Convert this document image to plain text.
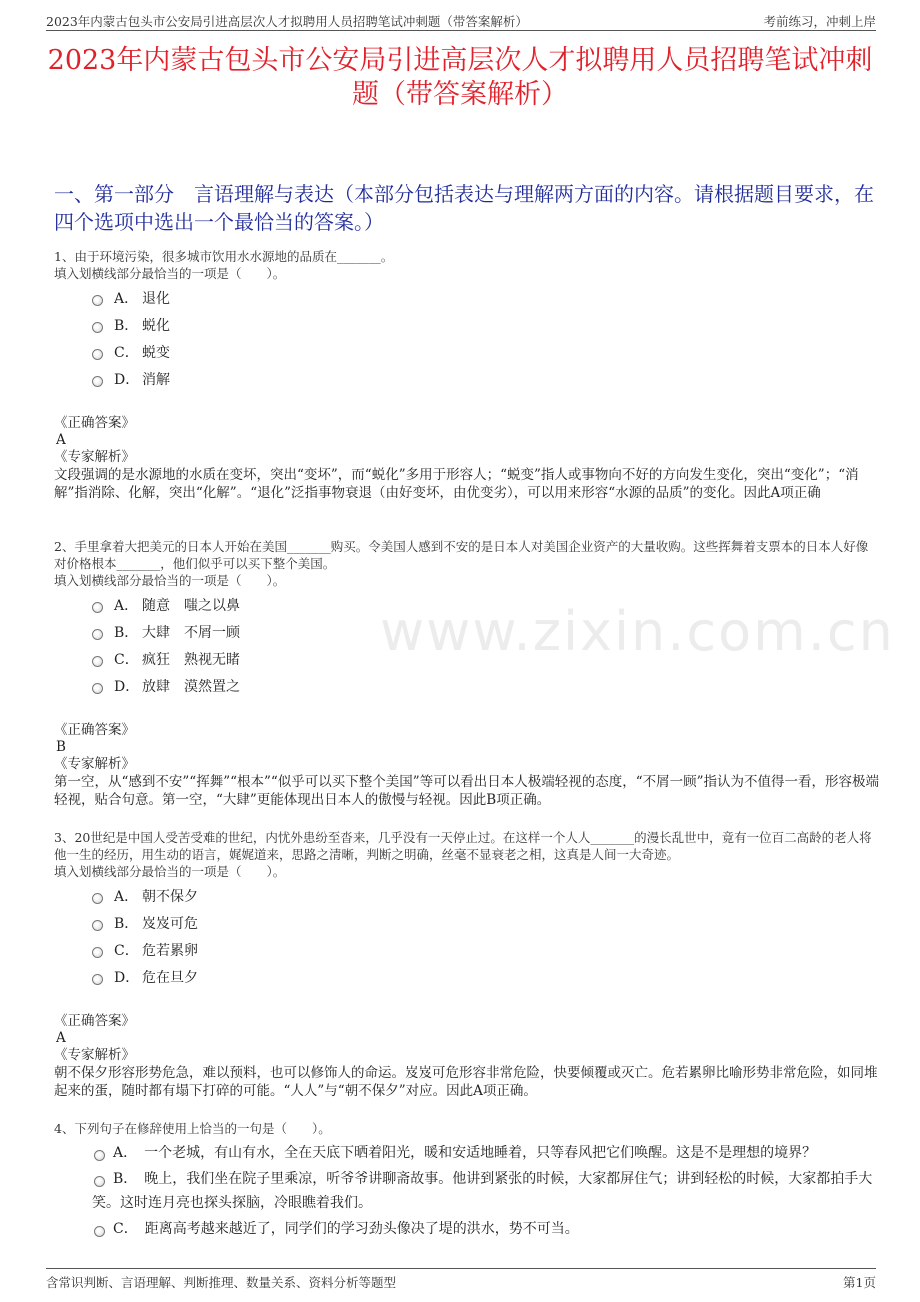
2023年内蒙古包头市公安局引进高层次人才拟聘用人员招聘笔试冲刺题（带答案解析）	考前练习，冲刺上岸
2023年内蒙古包头市公安局引进高层次人才拟聘用人员招聘笔试冲刺题（带答案解析）
一、第一部分　言语理解与表达（本部分包括表达与理解两方面的内容。请根据题目要求，在四个选项中选出一个最恰当的答案。）
www.zixin.com.cn
1、由于环境污染，很多城市饮用水水源地的品质在_______。
填入划横线部分最恰当的一项是（　　）。
A． 退化
B． 蜕化
C． 蜕变
D． 消解
《正确答案》
A
《专家解析》
文段强调的是水源地的水质在变坏，突出“变坏”，而“蜕化”多用于形容人；“蜕变”指人或事物向不好的方向发生变化，突出“变化”；“消解”指消除、化解，突出“化解”。“退化”泛指事物衰退（由好变坏，由优变劣），可以用来形容“水源的品质”的变化。因此A项正确
2、手里拿着大把美元的日本人开始在美国_______购买。令美国人感到不安的是日本人对美国企业资产的大量收购。这些挥舞着支票本的日本人好像对价格根本_______，他们似乎可以买下整个美国。
填入划横线部分最恰当的一项是（　　）。
A． 随意　嗤之以鼻
B． 大肆　不屑一顾
C． 疯狂　熟视无睹
D． 放肆　漠然置之
《正确答案》
B
《专家解析》
第一空，从“感到不安”“挥舞”“根本”“似乎可以买下整个美国”等可以看出日本人极端轻视的态度，“不屑一顾”指认为不值得一看，形容极端轻视，贴合句意。第一空，“大肆”更能体现出日本人的傲慢与轻视。因此B项正确。
3、20世纪是中国人受苦受难的世纪，内忧外患纷至沓来，几乎没有一天停止过。在这样一个人人_______的漫长乱世中，竟有一位百二高龄的老人将他一生的经历，用生动的语言，娓娓道来，思路之清晰，判断之明确，丝毫不显衰老之相，这真是人间一大奇迹。
填入划横线部分最恰当的一项是（　　）。
A． 朝不保夕
B． 岌岌可危
C． 危若累卵
D． 危在旦夕
《正确答案》
A
《专家解析》
朝不保夕形容形势危急，难以预料，也可以修饰人的命运。岌岌可危形容非常危险，快要倾覆或灭亡。危若累卵比喻形势非常危险，如同堆起来的蛋，随时都有塌下打碎的可能。“人人”与“朝不保夕”对应。因此A项正确。
4、下列句子在修辞使用上恰当的一句是（　　）。
A．　 一个老城，有山有水，全在天底下晒着阳光，暖和安适地睡着，只等春风把它们唤醒。这是不是理想的境界？
B．　 晚上，我们坐在院子里乘凉，听爷爷讲聊斋故事。他讲到紧张的时候，大家都屏住气；讲到轻松的时候，大家都拍手大笑。这时连月亮也探头探脑，冷眼瞧着我们。
C．　 距离高考越来越近了，同学们的学习劲头像决了堤的洪水，势不可当。
含常识判断、言语理解、判断推理、数量关系、资料分析等题型	第1页
